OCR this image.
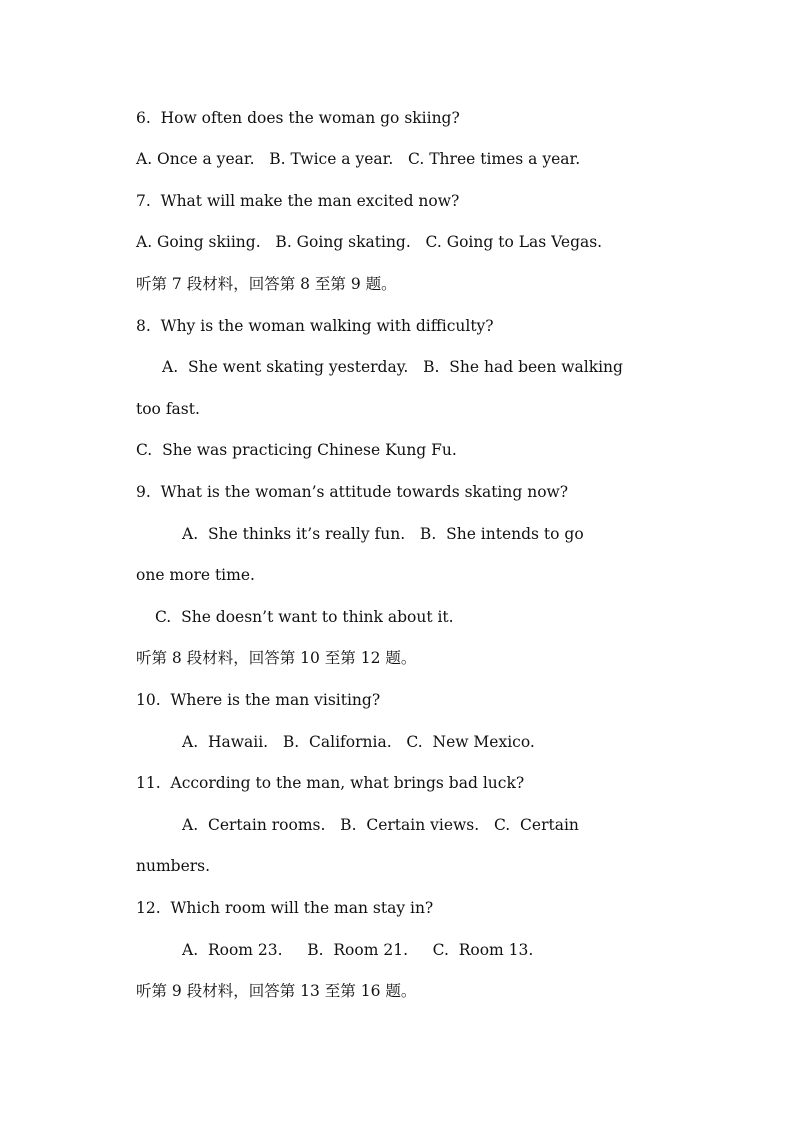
6.  How often does the woman go skiing?
A. Once a year.   B. Twice a year.   C. Three times a year.
7.  What will make the man excited now?
A. Going skiing.   B. Going skating.   C. Going to Las Vegas.
听第 7 段材料，回答第 8 至第 9 题。
8.  Why is the woman walking with difficulty?
A.  She went skating yesterday.   B.  She had been walking
too fast.
C.  She was practicing Chinese Kung Fu.
9.  What is the woman’s attitude towards skating now?
A.  She thinks it’s really fun.   B.  She intends to go
one more time.
C.  She doesn’t want to think about it.
听第 8 段材料，回答第 10 至第 12 题。
10.  Where is the man visiting?
A.  Hawaii.   B.  California.   C.  New Mexico.
11.  According to the man, what brings bad luck?
A.  Certain rooms.   B.  Certain views.   C.  Certain
numbers.
12.  Which room will the man stay in?
A.  Room 23.     B.  Room 21.     C.  Room 13.
听第 9 段材料，回答第 13 至第 16 题。
